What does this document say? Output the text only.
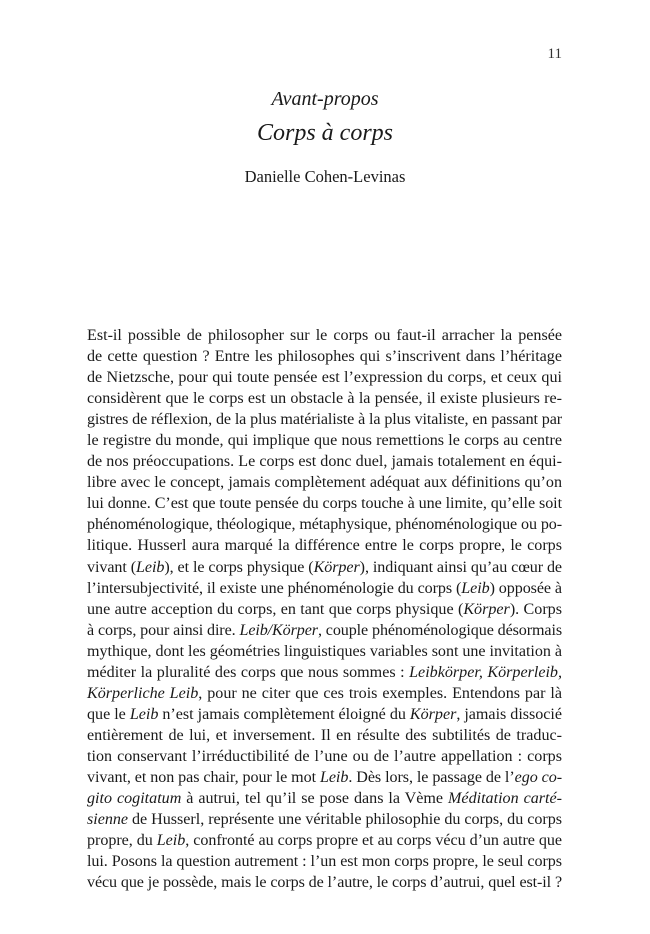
11
Avant-propos
Corps à corps
Danielle Cohen-Levinas
Est-il possible de philosopher sur le corps ou faut-il arracher la pensée
de cette question ? Entre les philosophes qui s’inscrivent dans l’héritage
de Nietzsche, pour qui toute pensée est l’expression du corps, et ceux qui
considèrent que le corps est un obstacle à la pensée, il existe plusieurs re-
gistres de réflexion, de la plus matérialiste à la plus vitaliste, en passant par
le registre du monde, qui implique que nous remettions le corps au centre
de nos préoccupations. Le corps est donc duel, jamais totalement en équi-
libre avec le concept, jamais complètement adéquat aux définitions qu’on
lui donne. C’est que toute pensée du corps touche à une limite, qu’elle soit
phénoménologique, théologique, métaphysique, phénoménologique ou po-
litique. Husserl aura marqué la différence entre le corps propre, le corps
vivant (Leib), et le corps physique (Körper), indiquant ainsi qu’au cœur de
l’intersubjectivité, il existe une phénoménologie du corps (Leib) opposée à
une autre acception du corps, en tant que corps physique (Körper). Corps
à corps, pour ainsi dire. Leib/Körper, couple phénoménologique désormais
mythique, dont les géométries linguistiques variables sont une invitation à
méditer la pluralité des corps que nous sommes : Leibkörper, Körperleib,
Körperliche Leib, pour ne citer que ces trois exemples. Entendons par là
que le Leib n’est jamais complètement éloigné du Körper, jamais dissocié
entièrement de lui, et inversement. Il en résulte des subtilités de traduc-
tion conservant l’irréductibilité de l’une ou de l’autre appellation : corps
vivant, et non pas chair, pour le mot Leib. Dès lors, le passage de l’ego co-
gito cogitatum à autrui, tel qu’il se pose dans la Vème Méditation carté-
sienne de Husserl, représente une véritable philosophie du corps, du corps
propre, du Leib, confronté au corps propre et au corps vécu d’un autre que
lui. Posons la question autrement : l’un est mon corps propre, le seul corps
vécu que je possède, mais le corps de l’autre, le corps d’autrui, quel est-il ?
